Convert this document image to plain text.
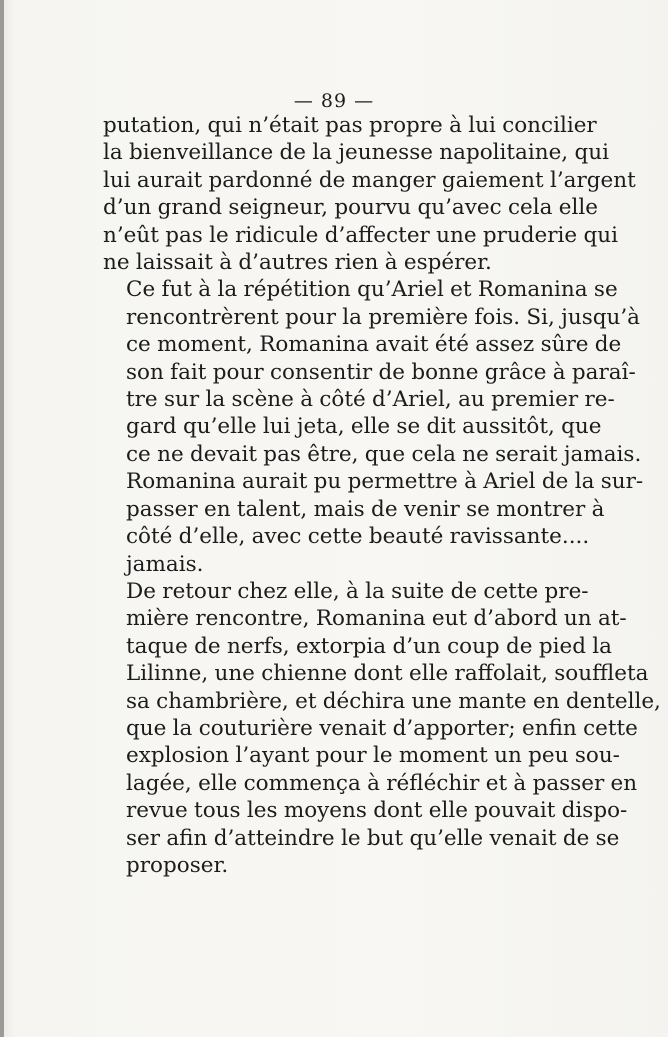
— 89 —

putation, qui n’était pas propre à lui concilier
la bienveillance de la jeunesse napolitaine, qui
lui aurait pardonné de manger gaiement l’argent
d’un grand seigneur, pourvu qu’avec cela elle
n’eût pas le ridicule d’affecter une pruderie qui
ne laissait à d’autres rien à espérer.

Ce fut à la répétition qu’Ariel et Romanina se
rencontrèrent pour la première fois. Si, jusqu’à
ce moment, Romanina avait été assez sûre de
son fait pour consentir de bonne grâce à paraî-
tre sur la scène à côté d’Ariel, au premier re-
gard qu’elle lui jeta, elle se dit aussitôt, que
ce ne devait pas être, que cela ne serait jamais.
Romanina aurait pu permettre à Ariel de la sur-
passer en talent, mais de venir se montrer à
côté d’elle, avec cette beauté ravissante....
jamais.

De retour chez elle, à la suite de cette pre-
mière rencontre, Romanina eut d’abord un at-
taque de nerfs, extorpia d’un coup de pied la
Lilinne, une chienne dont elle raffolait, souffleta
sa chambrière, et déchira une mante en dentelle,
que la couturière venait d’apporter; enfin cette
explosion l’ayant pour le moment un peu sou-
lagée, elle commença à réfléchir et à passer en
revue tous les moyens dont elle pouvait dispo-
ser afin d’atteindre le but qu’elle venait de se
proposer.
